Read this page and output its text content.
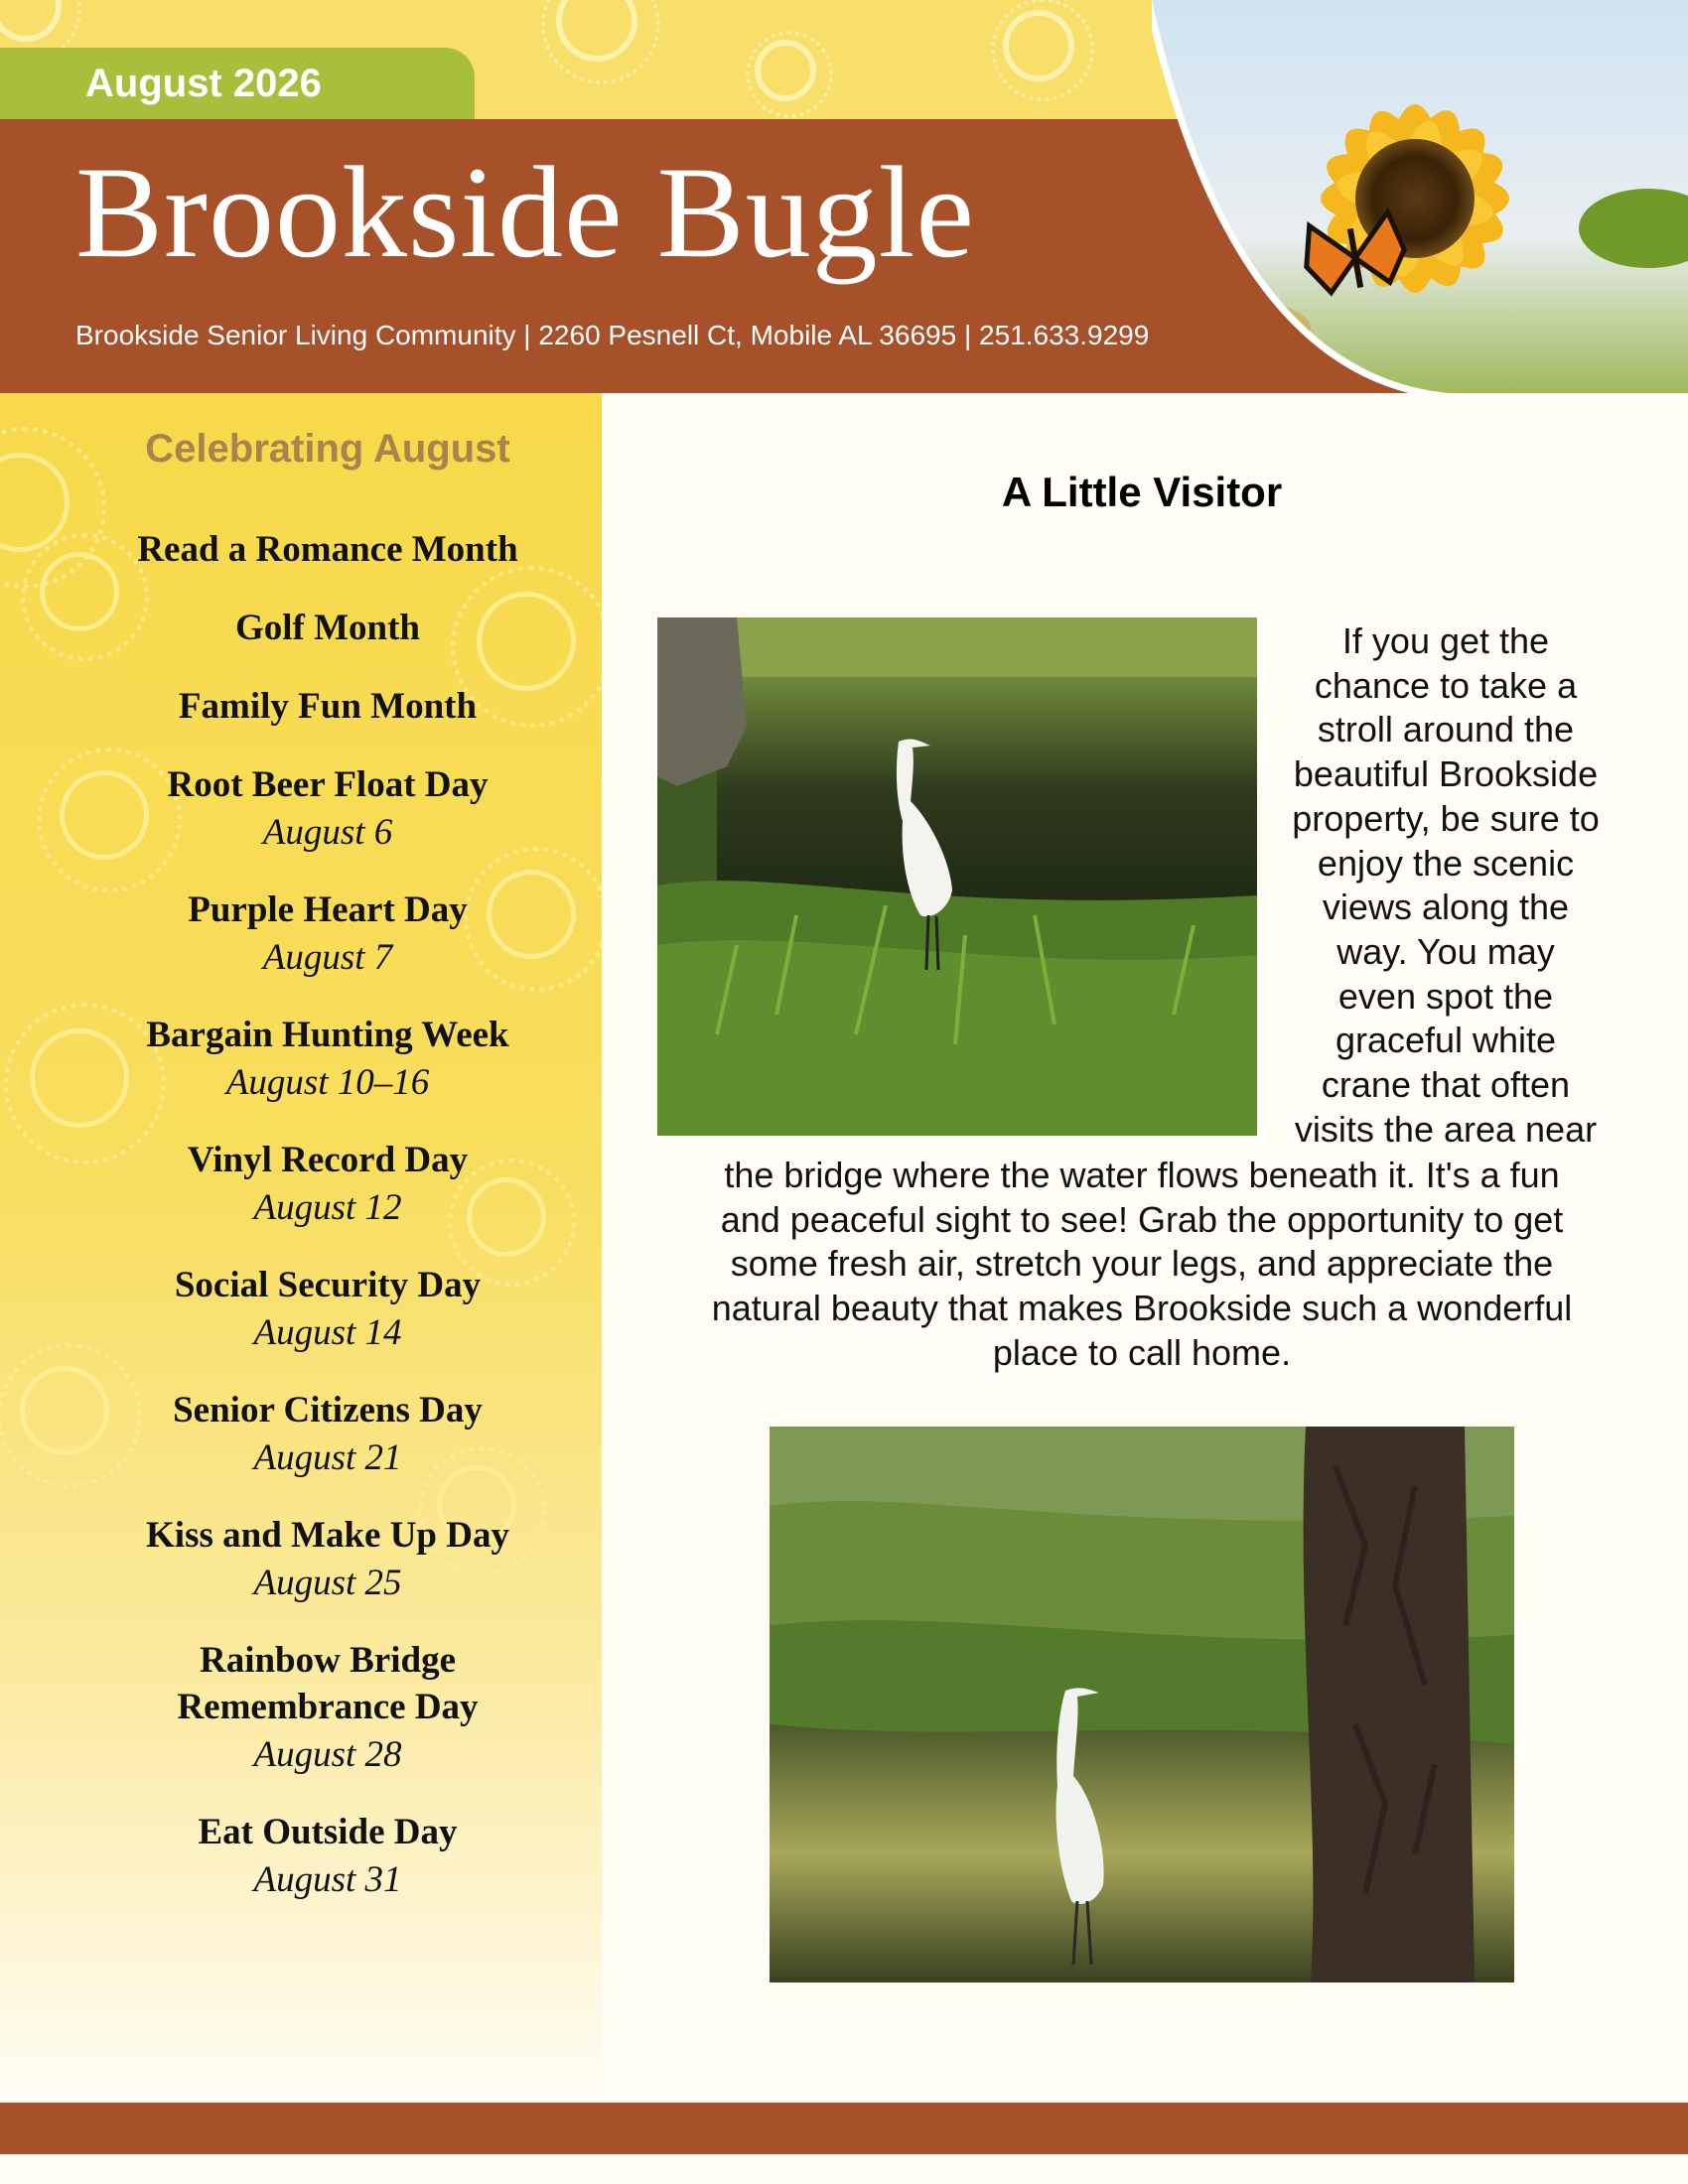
August 2026
Brookside Bugle
Brookside Senior Living Community | 2260 Pesnell Ct, Mobile AL 36695 | 251.633.9299
Celebrating August
Read a Romance Month
Golf Month
Family Fun Month
Root Beer Float Day
August 6
Purple Heart Day
August 7
Bargain Hunting Week
August 10–16
Vinyl Record Day
August 12
Social Security Day
August 14
Senior Citizens Day
August 21
Kiss and Make Up Day
August 25
Rainbow Bridge
Remembrance Day
August 28
Eat Outside Day
August 31
A Little Visitor
If you get the
chance to take a
stroll around the
beautiful Brookside
property, be sure to
enjoy the scenic
views along the
way. You may
even spot the
graceful white
crane that often
visits the area near
the bridge where the water flows beneath it. It's a fun
and peaceful sight to see! Grab the opportunity to get
some fresh air, stretch your legs, and appreciate the
natural beauty that makes Brookside such a wonderful
place to call home.
